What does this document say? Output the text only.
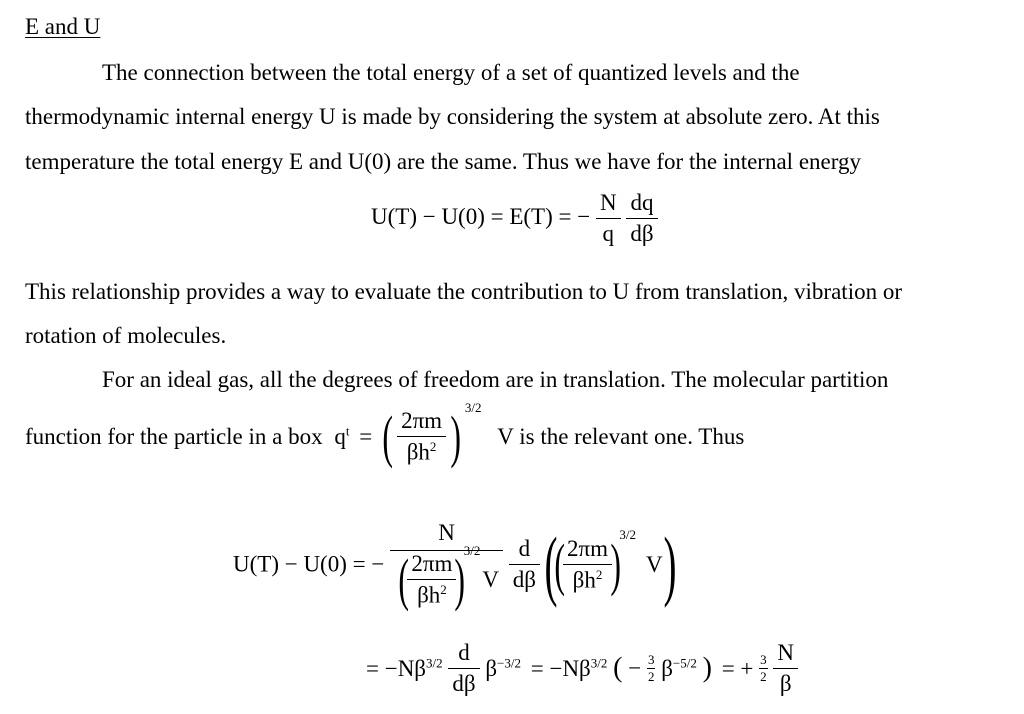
E and U
The connection between the total energy of a set of quantized levels and the
thermodynamic internal energy U is made by considering the system at absolute zero. At this
temperature the total energy E and U(0) are the same. Thus we have for the internal energy
U(T) − U(0) = E(T) = − $\frac{N}{q}$
$\frac{dq}{d\beta}$
This relationship provides a way to evaluate the contribution to U from translation, vibration or
rotation of molecules.
For an ideal gas, all the degrees of freedom are in translation. The molecular partition
function for the particle in a box $q^t$ = ( $\frac{2\pi m}{\beta h^2}$ ) $^{3/2}$ V is the relevant one. Thus
U(T) − U(0) = − N
(
$\frac{2\pi m}{\beta h^2}$
)$^{3/2}$V
$\frac{d}{d\beta}$ ((
$\frac{2\pi m}{\beta h^2}$
)$^{3/2}$V)
= $-N\beta^{3/2} \frac{d}{d\beta} \beta^{-3/2} = -N\beta^{3/2}$ ( − $\frac{3}{2} \beta^{-5/2}$ ) = + $\frac{3}{2}$
$\frac{N}{\beta}$
